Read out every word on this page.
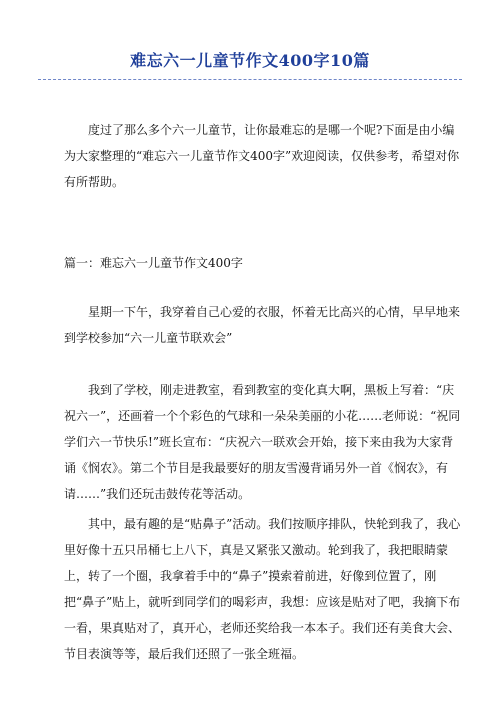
难忘六一儿童节作文400字10篇

度过了那么多个六一儿童节，让你最难忘的是哪一个呢?下面是由小编为大家整理的“难忘六一儿童节作文400字”欢迎阅读，仅供参考，希望对你有所帮助。

篇一：难忘六一儿童节作文400字

星期一下午，我穿着自己心爱的衣服，怀着无比高兴的心情，早早地来到学校参加“六一儿童节联欢会”

我到了学校，刚走进教室，看到教室的变化真大啊，黑板上写着：“庆祝六一”，还画着一个个彩色的气球和一朵朵美丽的小花……老师说：“祝同学们六一节快乐!”班长宣布：“庆祝六一联欢会开始，接下来由我为大家背诵《悯农》。第二个节目是我最要好的朋友雪漫背诵另外一首《悯农》，有请……”我们还玩击鼓传花等活动。

其中，最有趣的是“贴鼻子”活动。我们按顺序排队，快轮到我了，我心里好像十五只吊桶七上八下，真是又紧张又激动。轮到我了，我把眼睛蒙上，转了一个圈，我拿着手中的“鼻子”摸索着前进，好像到位置了，刚把“鼻子”贴上，就听到同学们的喝彩声，我想：应该是贴对了吧，我摘下布一看，果真贴对了，真开心，老师还奖给我一本本子。我们还有美食大会、节目表演等等，最后我们还照了一张全班福。
